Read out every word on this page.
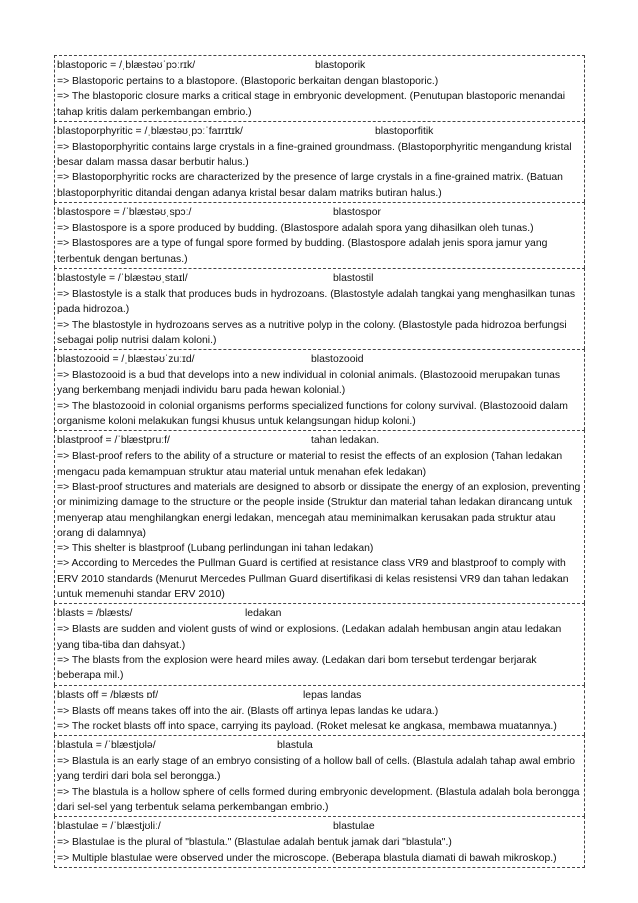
blastoporic = /ˌblæstəʊˈpɔːrɪk/	blastoporik
=> Blastoporic pertains to a blastopore. (Blastoporic berkaitan dengan blastoporic.)
=> The blastoporic closure marks a critical stage in embryonic development. (Penutupan blastoporic menandai tahap kritis dalam perkembangan embrio.)
blastoporphyritic = /ˌblæstəʊˌpɔːˈfaɪrɪtɪk/	blastoporfitik
=> Blastoporphyritic contains large crystals in a fine-grained groundmass. (Blastoporphyritic mengandung kristal besar dalam massa dasar berbutir halus.)
=> Blastoporphyritic rocks are characterized by the presence of large crystals in a fine-grained matrix. (Batuan blastoporphyritic ditandai dengan adanya kristal besar dalam matriks butiran halus.)
blastospore = /ˈblæstəʊˌspɔː/	blastospor
=> Blastospore is a spore produced by budding. (Blastospore adalah spora yang dihasilkan oleh tunas.)
=> Blastospores are a type of fungal spore formed by budding. (Blastospore adalah jenis spora jamur yang terbentuk dengan bertunas.)
blastostyle = /ˈblæstəʊˌstaɪl/	blastostil
=> Blastostyle is a stalk that produces buds in hydrozoans. (Blastostyle adalah tangkai yang menghasilkan tunas pada hidrozoa.)
=> The blastostyle in hydrozoans serves as a nutritive polyp in the colony. (Blastostyle pada hidrozoa berfungsi sebagai polip nutrisi dalam koloni.)
blastozooid = /ˌblæstəʊˈzuːɪd/	blastozooid
=> Blastozooid is a bud that develops into a new individual in colonial animals. (Blastozooid merupakan tunas yang berkembang menjadi individu baru pada hewan kolonial.)
=> The blastozooid in colonial organisms performs specialized functions for colony survival. (Blastozooid dalam organisme koloni melakukan fungsi khusus untuk kelangsungan hidup koloni.)
blastproof = /ˈblæstpruːf/	tahan ledakan.
=> Blast-proof refers to the ability of a structure or material to resist the effects of an explosion (Tahan ledakan mengacu pada kemampuan struktur atau material untuk menahan efek ledakan)
=> Blast-proof structures and materials are designed to absorb or dissipate the energy of an explosion, preventing or minimizing damage to the structure or the people inside (Struktur dan material tahan ledakan dirancang untuk menyerap atau menghilangkan energi ledakan, mencegah atau meminimalkan kerusakan pada struktur atau orang di dalamnya)
=> This shelter is blastproof (Lubang perlindungan ini tahan ledakan)
=> According to Mercedes the Pullman Guard is certified at resistance class VR9 and blastproof to comply with ERV 2010 standards (Menurut Mercedes Pullman Guard disertifikasi di kelas resistensi VR9 dan tahan ledakan untuk memenuhi standar ERV 2010)
blasts = /blæsts/	ledakan
=> Blasts are sudden and violent gusts of wind or explosions. (Ledakan adalah hembusan angin atau ledakan yang tiba-tiba dan dahsyat.)
=> The blasts from the explosion were heard miles away. (Ledakan dari bom tersebut terdengar berjarak beberapa mil.)
blasts off = /blæsts ɒf/	lepas landas
=> Blasts off means takes off into the air. (Blasts off artinya lepas landas ke udara.)
=> The rocket blasts off into space, carrying its payload. (Roket melesat ke angkasa, membawa muatannya.)
blastula = /ˈblæstjʊlə/	blastula
=> Blastula is an early stage of an embryo consisting of a hollow ball of cells. (Blastula adalah tahap awal embrio yang terdiri dari bola sel berongga.)
=> The blastula is a hollow sphere of cells formed during embryonic development. (Blastula adalah bola berongga dari sel-sel yang terbentuk selama perkembangan embrio.)
blastulae = /ˈblæstjʊliː/	blastulae
=> Blastulae is the plural of "blastula." (Blastulae adalah bentuk jamak dari "blastula".)
=> Multiple blastulae were observed under the microscope. (Beberapa blastula diamati di bawah mikroskop.)
